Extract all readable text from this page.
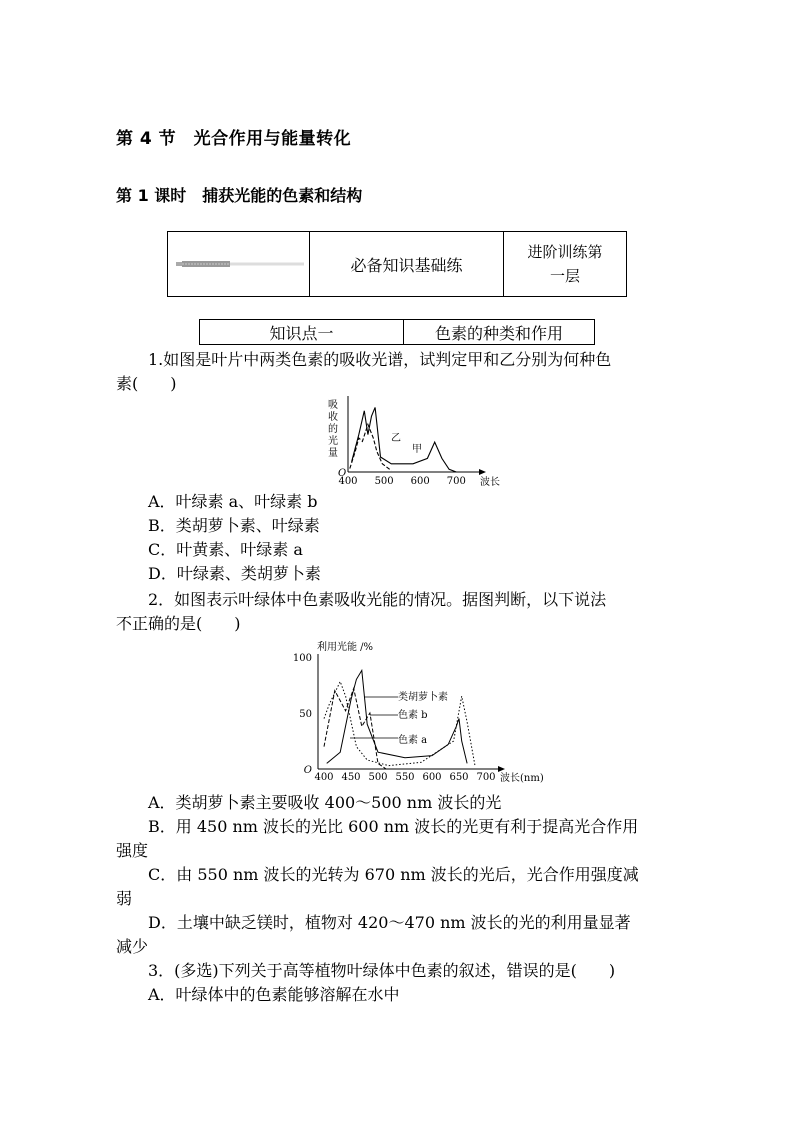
第 4 节　光合作用与能量转化
第 1 课时　捕获光能的色素和结构
必备知识基础练
进阶训练第
一层
知识点一	色素的种类和作用
1.如图是叶片中两类色素的吸收光谱，试判定甲和乙分别为何种色
素(　　)
吸
收
的
光
量
O
400 500 600 700 波长
乙
甲
A．叶绿素 a、叶绿素 b
B．类胡萝卜素、叶绿素
C．叶黄素、叶绿素 a
D．叶绿素、类胡萝卜素
2．如图表示叶绿体中色素吸收光能的情况。据图判断，以下说法
不正确的是(　　)
利用光能 /%
100
50
O
400 450 500 550 600 650 700 波长(nm)
类胡萝卜素
色素 b
色素 a
A．类胡萝卜素主要吸收 400～500 nm 波长的光
B．用 450 nm 波长的光比 600 nm 波长的光更有利于提高光合作用
强度
C．由 550 nm 波长的光转为 670 nm 波长的光后，光合作用强度减
弱
D．土壤中缺乏镁时，植物对 420～470 nm 波长的光的利用量显著
减少
3．(多选)下列关于高等植物叶绿体中色素的叙述，错误的是(　　)
A．叶绿体中的色素能够溶解在水中
